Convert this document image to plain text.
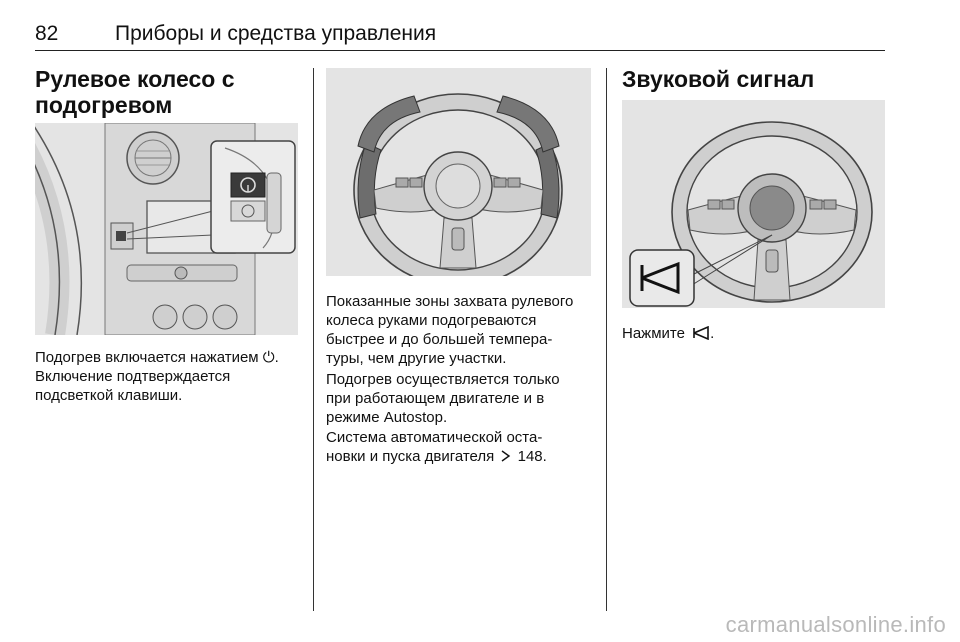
82	Приборы и средства управления
Рулевое колесо с
подогревом

Подогрев включается нажатием ⏻.
Включение подтверждается
подсветкой клавиши.

Показанные зоны захвата рулевого
колеса руками подогреваются
быстрее и до большей темпера-
туры, чем другие участки.

Подогрев осуществляется только
при работающем двигателе и в
режиме Autostop.

Система автоматической оста-
новки и пуска двигателя 148.

Звуковой сигнал

Нажмите .

carmanualsonline.info
